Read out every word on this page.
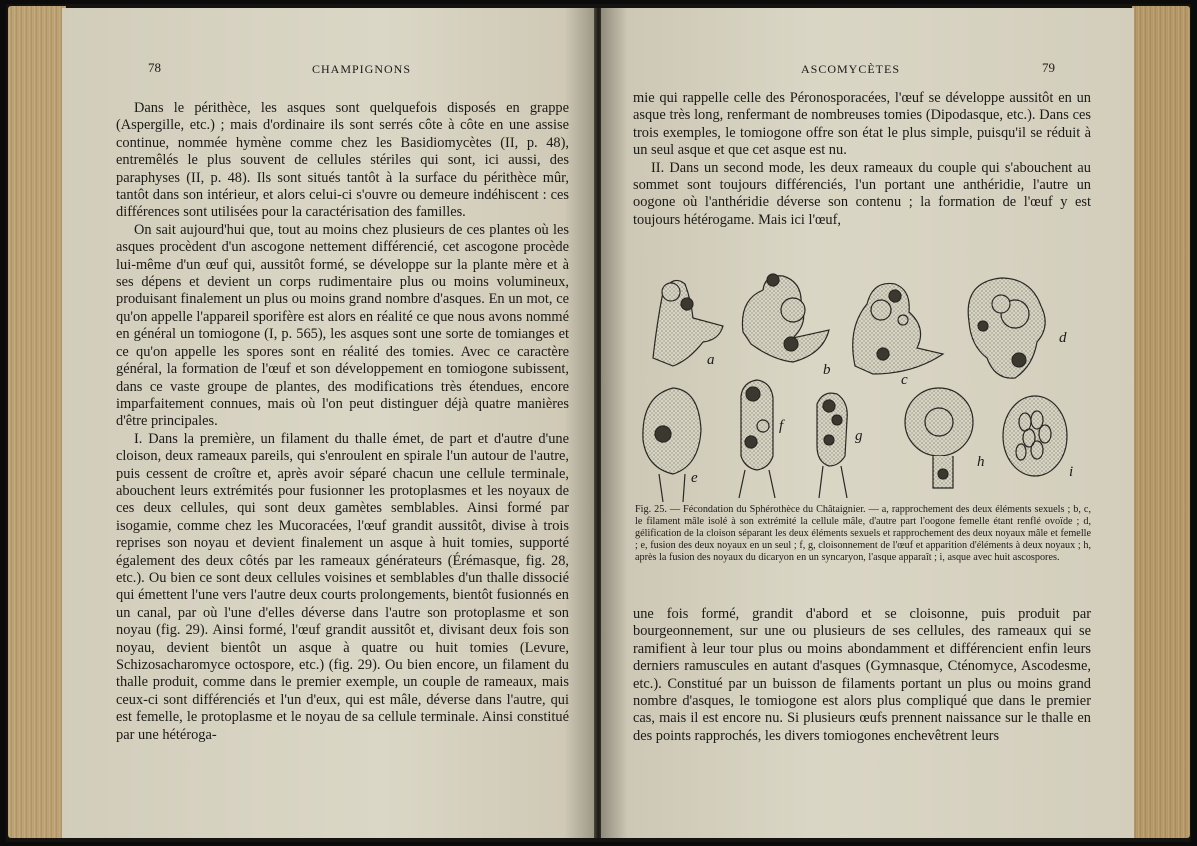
78	CHAMPIGNONS

Dans le périthèce, les asques sont quelquefois disposés en grappe (Aspergille, etc.) ; mais d'ordinaire ils sont serrés côte à côte en une assise continue, nommée hymène comme chez les Basidiomycètes (II, p. 48), entremêlés le plus souvent de cellules stériles qui sont, ici aussi, des paraphyses (II, p. 48). Ils sont situés tantôt à la surface du périthèce mûr, tantôt dans son intérieur, et alors celui-ci s'ouvre ou demeure indéhiscent : ces différences sont utilisées pour la caractérisation des familles.

On sait aujourd'hui que, tout au moins chez plusieurs de ces plantes où les asques procèdent d'un ascogone nettement différencié, cet ascogone procède lui-même d'un œuf qui, aussitôt formé, se développe sur la plante mère et à ses dépens et devient un corps rudimentaire plus ou moins volumineux, produisant finalement un plus ou moins grand nombre d'asques. En un mot, ce qu'on appelle l'appareil sporifère est alors en réalité ce que nous avons nommé en général un tomiogone (I, p. 565), les asques sont une sorte de tomianges et ce qu'on appelle les spores sont en réalité des tomies. Avec ce caractère général, la formation de l'œuf et son développement en tomiogone subissent, dans ce vaste groupe de plantes, des modifications très étendues, encore imparfaitement connues, mais où l'on peut distinguer déjà quatre manières d'être principales.

I. Dans la première, un filament du thalle émet, de part et d'autre d'une cloison, deux rameaux pareils, qui s'enroulent en spirale l'un autour de l'autre, puis cessent de croître et, après avoir séparé chacun une cellule terminale, abouchent leurs extrémités pour fusionner les protoplasmes et les noyaux de ces deux cellules, qui sont deux gamètes semblables. Ainsi formé par isogamie, comme chez les Mucoracées, l'œuf grandit aussitôt, divise à trois reprises son noyau et devient finalement un asque à huit tomies, supporté également des deux côtés par les rameaux générateurs (Érémasque, fig. 28, etc.). Ou bien ce sont deux cellules voisines et semblables d'un thalle dissocié qui émettent l'une vers l'autre deux courts prolongements, bientôt fusionnés en un canal, par où l'une d'elles déverse dans l'autre son protoplasme et son noyau (fig. 29). Ainsi formé, l'œuf grandit aussitôt et, divisant deux fois son noyau, devient bientôt un asque à quatre ou huit tomies (Levure, Schizosacharomyce octospore, etc.) (fig. 29). Ou bien encore, un filament du thalle produit, comme dans le premier exemple, un couple de rameaux, mais ceux-ci sont différenciés et l'un d'eux, qui est mâle, déverse dans l'autre, qui est femelle, le protoplasme et le noyau de sa cellule terminale. Ainsi constitué par une hétéroga-

ASCOMYCÈTES	79

mie qui rappelle celle des Péronosporacées, l'œuf se développe aussitôt en un asque très long, renfermant de nombreuses tomies (Dipodasque, etc.). Dans ces trois exemples, le tomiogone offre son état le plus simple, puisqu'il se réduit à un seul asque et que cet asque est nu.

II. Dans un second mode, les deux rameaux du couple qui s'abouchent au sommet sont toujours différenciés, l'un portant une anthéridie, l'autre un oogone où l'anthéridie déverse son contenu ; la formation de l'œuf y est toujours hétérogame. Mais ici l'œuf,

a
b
c
d
e
f
g
h
i
Fig. 25. — Fécondation du Sphérothèce du Châtaignier. — a, rapprochement des deux éléments sexuels ; b, c, le filament mâle isolé à son extrémité la cellule mâle, d'autre part l'oogone femelle étant renflé ovoïde ; d, gélification de la cloison séparant les deux éléments sexuels et rapprochement des deux noyaux mâle et femelle ; e, fusion des deux noyaux en un seul ; f, g, cloisonnement de l'œuf et apparition d'éléments à deux noyaux ; h, après la fusion des noyaux du dicaryon en un syncaryon, l'asque apparaît ; i, asque avec huit ascospores.

une fois formé, grandit d'abord et se cloisonne, puis produit par bourgeonnement, sur une ou plusieurs de ses cellules, des rameaux qui se ramifient à leur tour plus ou moins abondamment et différencient enfin leurs derniers ramuscules en autant d'asques (Gymnasque, Cténomyce, Ascodesme, etc.). Constitué par un buisson de filaments portant un plus ou moins grand nombre d'asques, le tomiogone est alors plus compliqué que dans le premier cas, mais il est encore nu. Si plusieurs œufs prennent naissance sur le thalle en des points rapprochés, les divers tomiogones enchevêtrent leurs
